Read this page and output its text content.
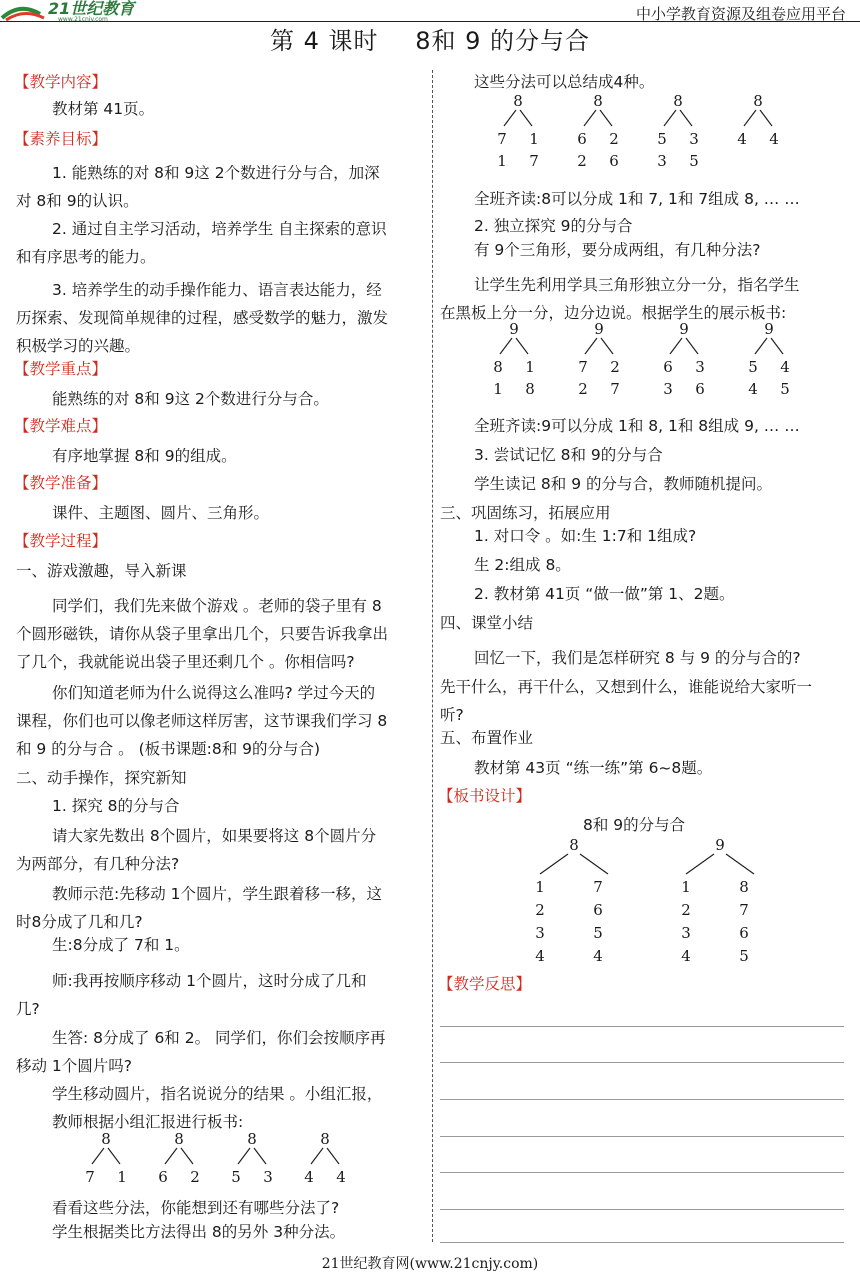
21世纪教育
www.21cnjy.com	中小学教育资源及组卷应用平台
第 4 课时 8和 9 的分与合
【教学内容】
教材第 41页。
【素养目标】
1. 能熟练的对 8和 9这 2个数进行分与合，加深
对 8和 9的认识。
2. 通过自主学习活动，培养学生 自主探索的意识
和有序思考的能力。
3. 培养学生的动手操作能力、语言表达能力，经
历探索、发现简单规律的过程，感受数学的魅力，激发
积极学习的兴趣。
【教学重点】
能熟练的对 8和 9这 2个数进行分与合。
【教学难点】
有序地掌握 8和 9的组成。
【教学准备】
课件、主题图、圆片、三角形。
【教学过程】
一、游戏激趣，导入新课
同学们，我们先来做个游戏 。老师的袋子里有 8
个圆形磁铁，请你从袋子里拿出几个，只要告诉我拿出
了几个，我就能说出袋子里还剩几个 。你相信吗?
你们知道老师为什么说得这么准吗? 学过今天的
课程，你们也可以像老师这样厉害，这节课我们学习 8
和 9 的分与合 。 (板书课题:8和 9的分与合)
二、动手操作，探究新知
1. 探究 8的分与合
请大家先数出 8个圆片，如果要将这 8个圆片分
为两部分，有几种分法?
教师示范:先移动 1个圆片，学生跟着移一移，这
时8分成了几和几?
生:8分成了 7和 1。
师:我再按顺序移动 1个圆片，这时分成了几和
几?
生答: 8分成了 6和 2。 同学们，你们会按顺序再
移动 1个圆片吗?
学生移动圆片，指名说说分的结果 。小组汇报，
教师根据小组汇报进行板书:
8
7 1
8
6 2
8
5 3
8
4 4
看看这些分法，你能想到还有哪些分法了?
学生根据类比方法得出 8的另外 3种分法。
这些分法可以总结成4种。
8
7 1
1 7
8
6 2
2 6
8
5 3
3 5
8
4 4
全班齐读:8可以分成 1和 7, 1和 7组成 8, … …
2. 独立探究 9的分与合
有 9个三角形，要分成两组，有几种分法?
让学生先利用学具三角形独立分一分，指名学生
在黑板上分一分，边分边说。根据学生的展示板书:
9
8 1
1 8
9
7 2
2 7
9
6 3
3 6
9
5 4
4 5
全班齐读:9可以分成 1和 8, 1和 8组成 9, … …
3. 尝试记忆 8和 9的分与合
学生读记 8和 9 的分与合，教师随机提问。
三、巩固练习，拓展应用
1. 对口令 。如:生 1:7和 1组成?
生 2:组成 8。
2. 教材第 41页 “做一做”第 1、2题。
四、课堂小结
回忆一下，我们是怎样研究 8 与 9 的分与合的?
先干什么，再干什么，又想到什么，谁能说给大家听一
听?
五、布置作业
教材第 43页 “练一练”第 6~8题。
【板书设计】
8和 9的分与合
8
1
2
3
4
7
6
5
4
9
1
2
3
4
8
7
6
5
【教学反思】
21世纪教育网(www.21cnjy.com)
